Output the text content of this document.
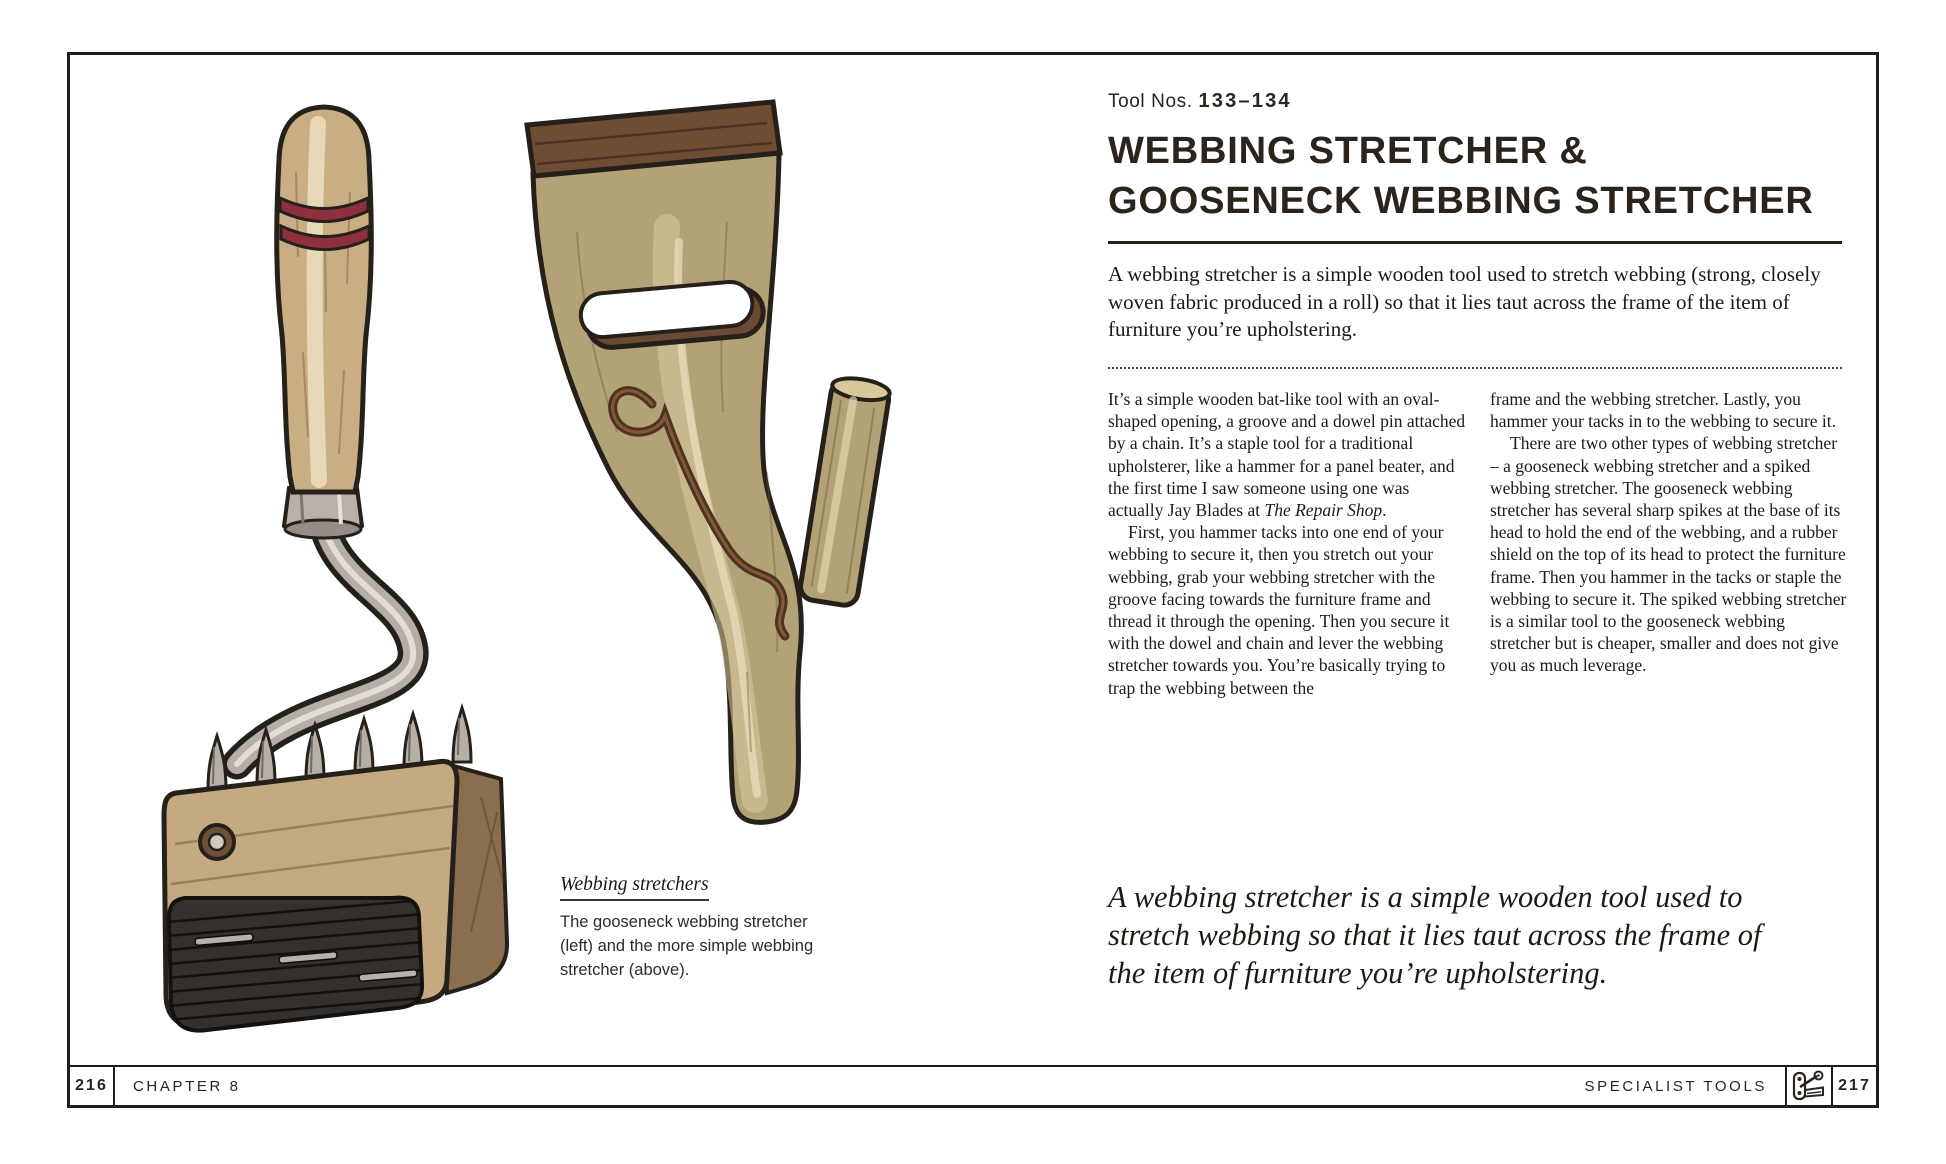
216	CHAPTER 8	SPECIALIST TOOLS	217
Webbing stretchers
The gooseneck webbing stretcher (left) and the more simple webbing stretcher (above).
Tool Nos. 133–134
WEBBING STRETCHER &
GOOSENECK WEBBING STRETCHER

A webbing stretcher is a simple wooden tool used to stretch webbing (strong, closely woven fabric produced in a roll) so that it lies taut across the frame of the item of furniture you’re upholstering.

It’s a simple wooden bat-like tool with an oval-shaped opening, a groove and a dowel pin attached by a chain. It’s a staple tool for a traditional upholsterer, like a hammer for a panel beater, and the first time I saw someone using one was actually Jay Blades at The Repair Shop.

First, you hammer tacks into one end of your webbing to secure it, then you stretch out your webbing, grab your webbing stretcher with the groove facing towards the furniture frame and thread it through the opening. Then you secure it with the dowel and chain and lever the webbing stretcher towards you. You’re basically trying to trap the webbing between the

frame and the webbing stretcher. Lastly, you hammer your tacks in to the webbing to secure it.

There are two other types of webbing stretcher – a gooseneck webbing stretcher and a spiked webbing stretcher. The gooseneck webbing stretcher has several sharp spikes at the base of its head to hold the end of the webbing, and a rubber shield on the top of its head to protect the furniture frame. Then you hammer in the tacks or staple the webbing to secure it. The spiked webbing stretcher is a similar tool to the gooseneck webbing stretcher but is cheaper, smaller and does not give you as much leverage.

A webbing stretcher is a simple wooden tool used to stretch webbing so that it lies taut across the frame of the item of furniture you’re upholstering.
